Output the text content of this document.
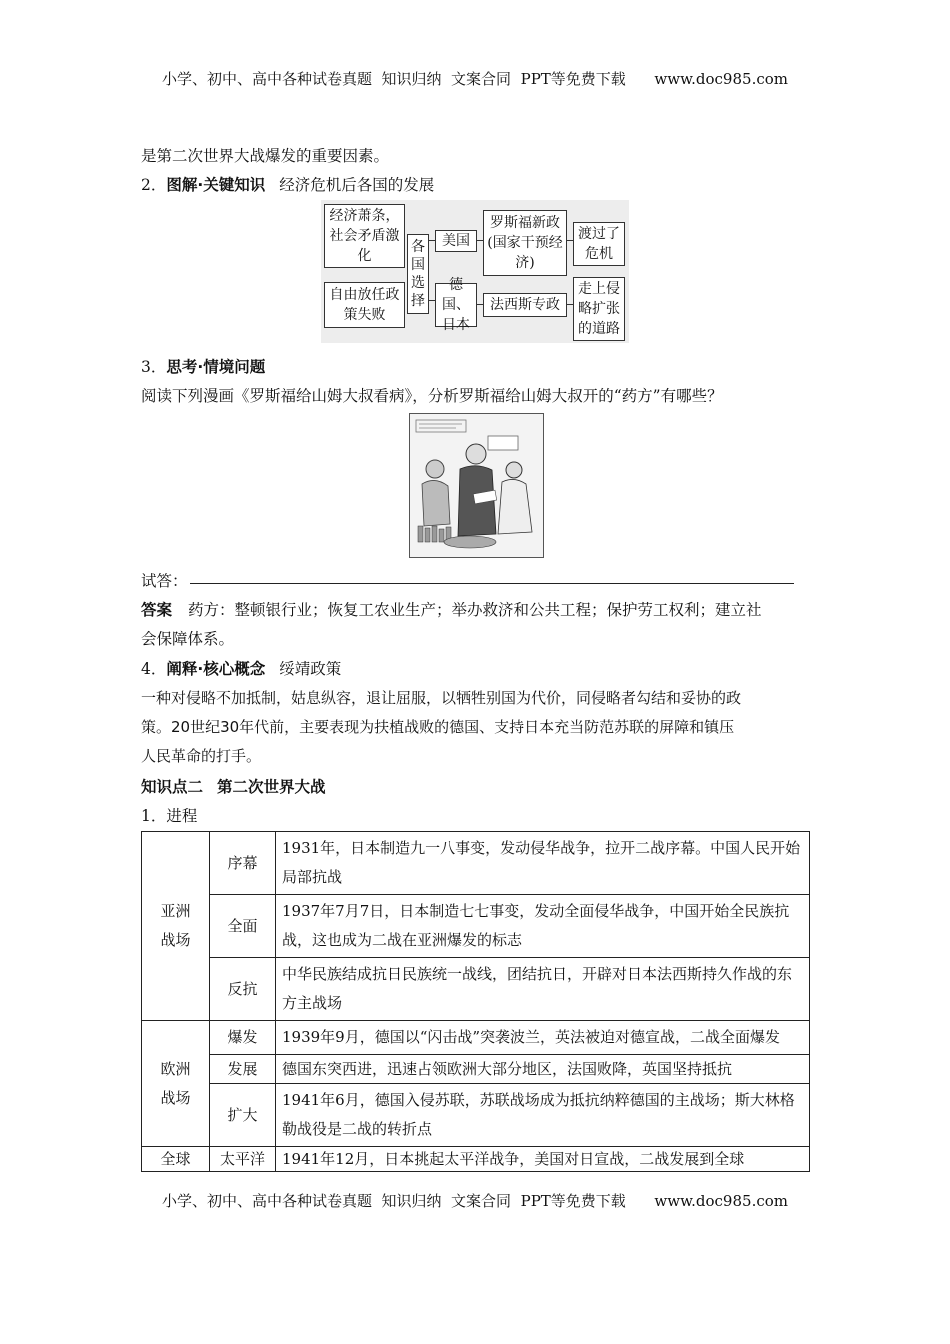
小学、初中、高中各种试卷真题  知识归纳  文案合同  PPT等免费下载      www.doc985.com
是第二次世界大战爆发的重要因素。
2．图解·关键知识 经济危机后各国的发展
经济萧条，社会矛盾激化
自由放任政策失败
各国选择
美国
德国、日本
罗斯福新政(国家干预经济)
法西斯专政
渡过了危机
走上侵略扩张的道路
3．思考·情境问题
阅读下列漫画《罗斯福给山姆大叔看病》，分析罗斯福给山姆大叔开的“药方”有哪些？
试答：
答案 药方：整顿银行业；恢复工农业生产；举办救济和公共工程；保护劳工权利；建立社
会保障体系。
4．阐释·核心概念 绥靖政策
一种对侵略不加抵制，姑息纵容，退让屈服，以牺牲别国为代价，同侵略者勾结和妥协的政
策。20世纪30年代前，主要表现为扶植战败的德国、支持日本充当防范苏联的屏障和镇压
人民革命的打手。
知识点二 第二次世界大战
1．进程
亚洲战场	序幕	1931年，日本制造九一八事变，发动侵华战争，拉开二战序幕。中国人民开始局部抗战
	全面	1937年7月7日，日本制造七七事变，发动全面侵华战争，中国开始全民族抗战，这也成为二战在亚洲爆发的标志
	反抗	中华民族结成抗日民族统一战线，团结抗日，开辟对日本法西斯持久作战的东方主战场

欧洲战场	爆发	1939年9月，德国以“闪击战”突袭波兰，英法被迫对德宣战，二战全面爆发
	发展	德国东突西进，迅速占领欧洲大部分地区，法国败降，英国坚持抵抗
	扩大	1941年6月，德国入侵苏联，苏联战场成为抵抗纳粹德国的主战场；斯大林格勒战役是二战的转折点
全球	太平洋	1941年12月，日本挑起太平洋战争，美国对日宣战，二战发展到全球
小学、初中、高中各种试卷真题  知识归纳  文案合同  PPT等免费下载      www.doc985.com
